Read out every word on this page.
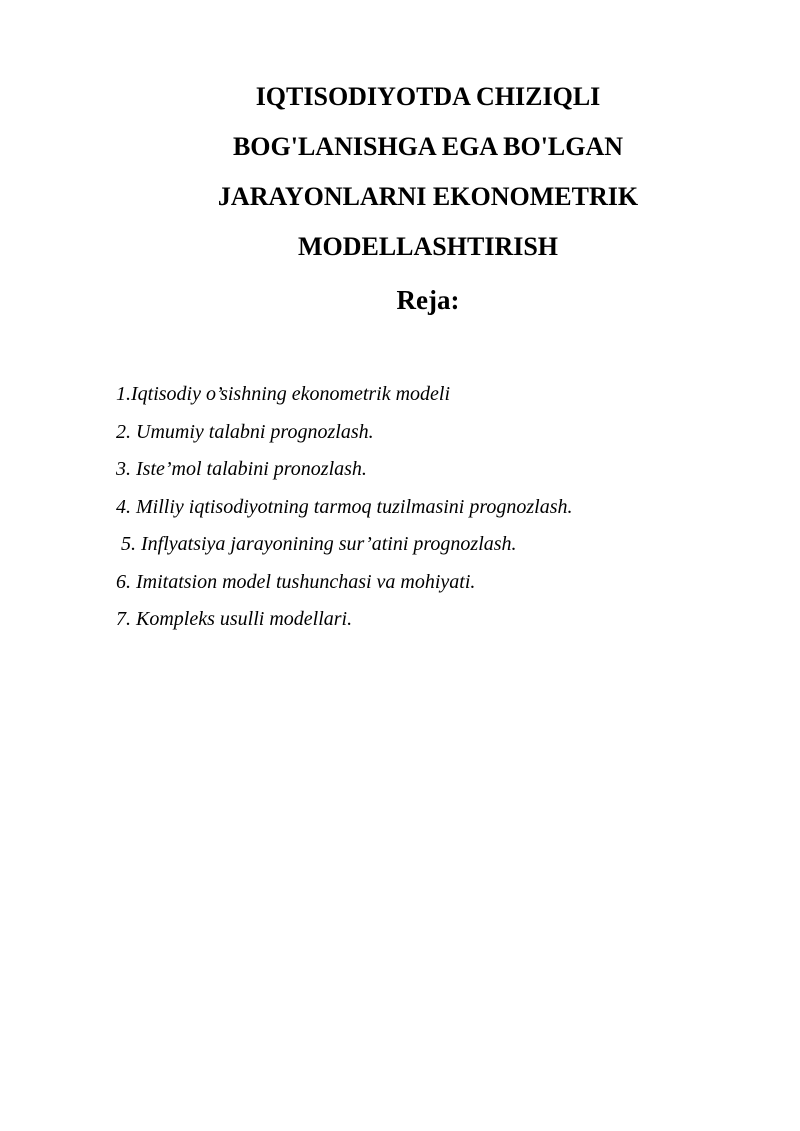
IQTISODIYOTDA CHIZIQLI

BOG'LANISHGA EGA BO'LGAN

JARAYONLARNI EKONOMETRIK

MODELLASHTIRISH

Reja:

1.Iqtisodiy o’sishning ekonometrik modeli
2. Umumiy talabni prognozlash.
3. Iste’mol talabini pronozlash.
4. Milliy iqtisodiyotning tarmoq tuzilmasini prognozlash.
5. Inflyatsiya jarayonining sur’atini prognozlash.
6. Imitatsion model tushunchasi va mohiyati.
7. Kompleks usulli modellari.
